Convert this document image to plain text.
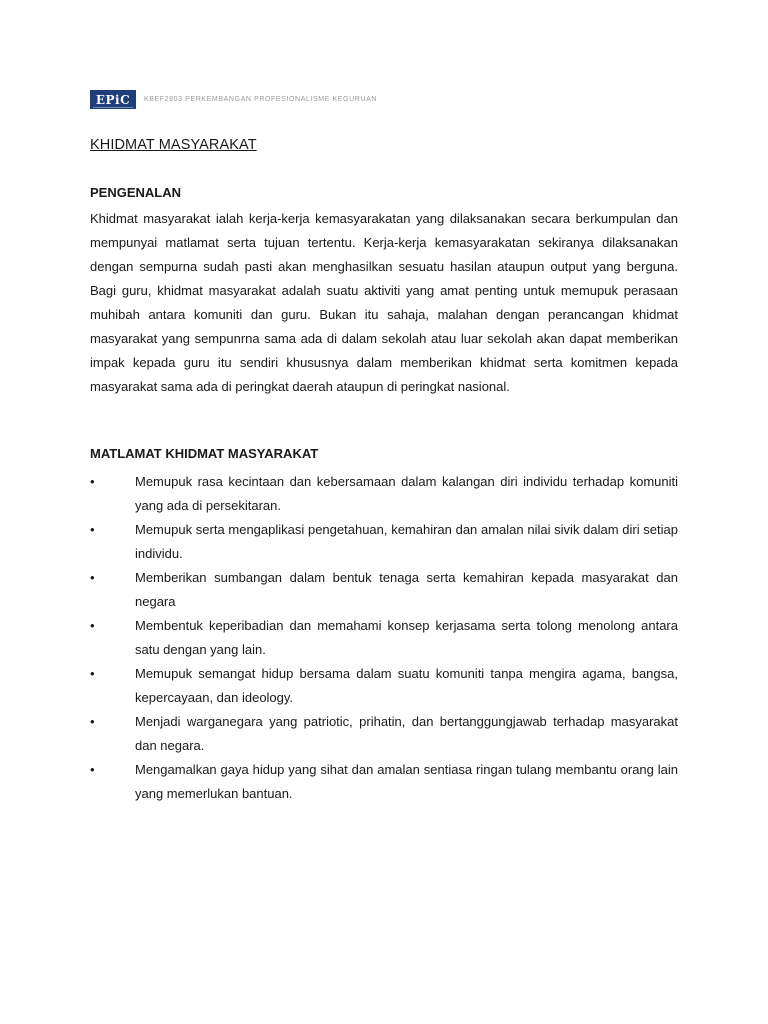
EPiC KBEF2803 PERKEMBANGAN PROFESIONALISME KEGURUAN
KHIDMAT MASYARAKAT
PENGENALAN

Khidmat masyarakat ialah kerja-kerja kemasyarakatan yang dilaksanakan secara berkumpulan dan mempunyai matlamat serta tujuan tertentu. Kerja-kerja kemasyarakatan sekiranya dilaksanakan dengan sempurna sudah pasti akan menghasilkan sesuatu hasilan ataupun output yang berguna. Bagi guru, khidmat masyarakat adalah suatu aktiviti yang amat penting untuk memupuk perasaan muhibah antara komuniti dan guru. Bukan itu sahaja, malahan dengan perancangan khidmat masyarakat yang sempunrna sama ada di dalam sekolah atau luar sekolah akan dapat memberikan impak kepada guru itu sendiri khususnya dalam memberikan khidmat serta komitmen kepada masyarakat sama ada di peringkat daerah ataupun di peringkat nasional.

MATLAMAT KHIDMAT MASYARAKAT
•	Memupuk rasa kecintaan dan kebersamaan dalam kalangan diri individu terhadap komuniti yang ada di persekitaran.
•	Memupuk serta mengaplikasi pengetahuan, kemahiran dan amalan nilai sivik dalam diri setiap individu.
•	Memberikan sumbangan dalam bentuk tenaga serta kemahiran kepada masyarakat dan negara
•	Membentuk keperibadian dan memahami konsep kerjasama serta tolong menolong antara satu dengan yang lain.
•	Memupuk semangat hidup bersama dalam suatu komuniti tanpa mengira agama, bangsa, kepercayaan, dan ideology.
•	Menjadi warganegara yang patriotic, prihatin, dan bertanggungjawab terhadap masyarakat dan negara.
•	Mengamalkan gaya hidup yang sihat dan amalan sentiasa ringan tulang membantu orang lain yang memerlukan bantuan.
